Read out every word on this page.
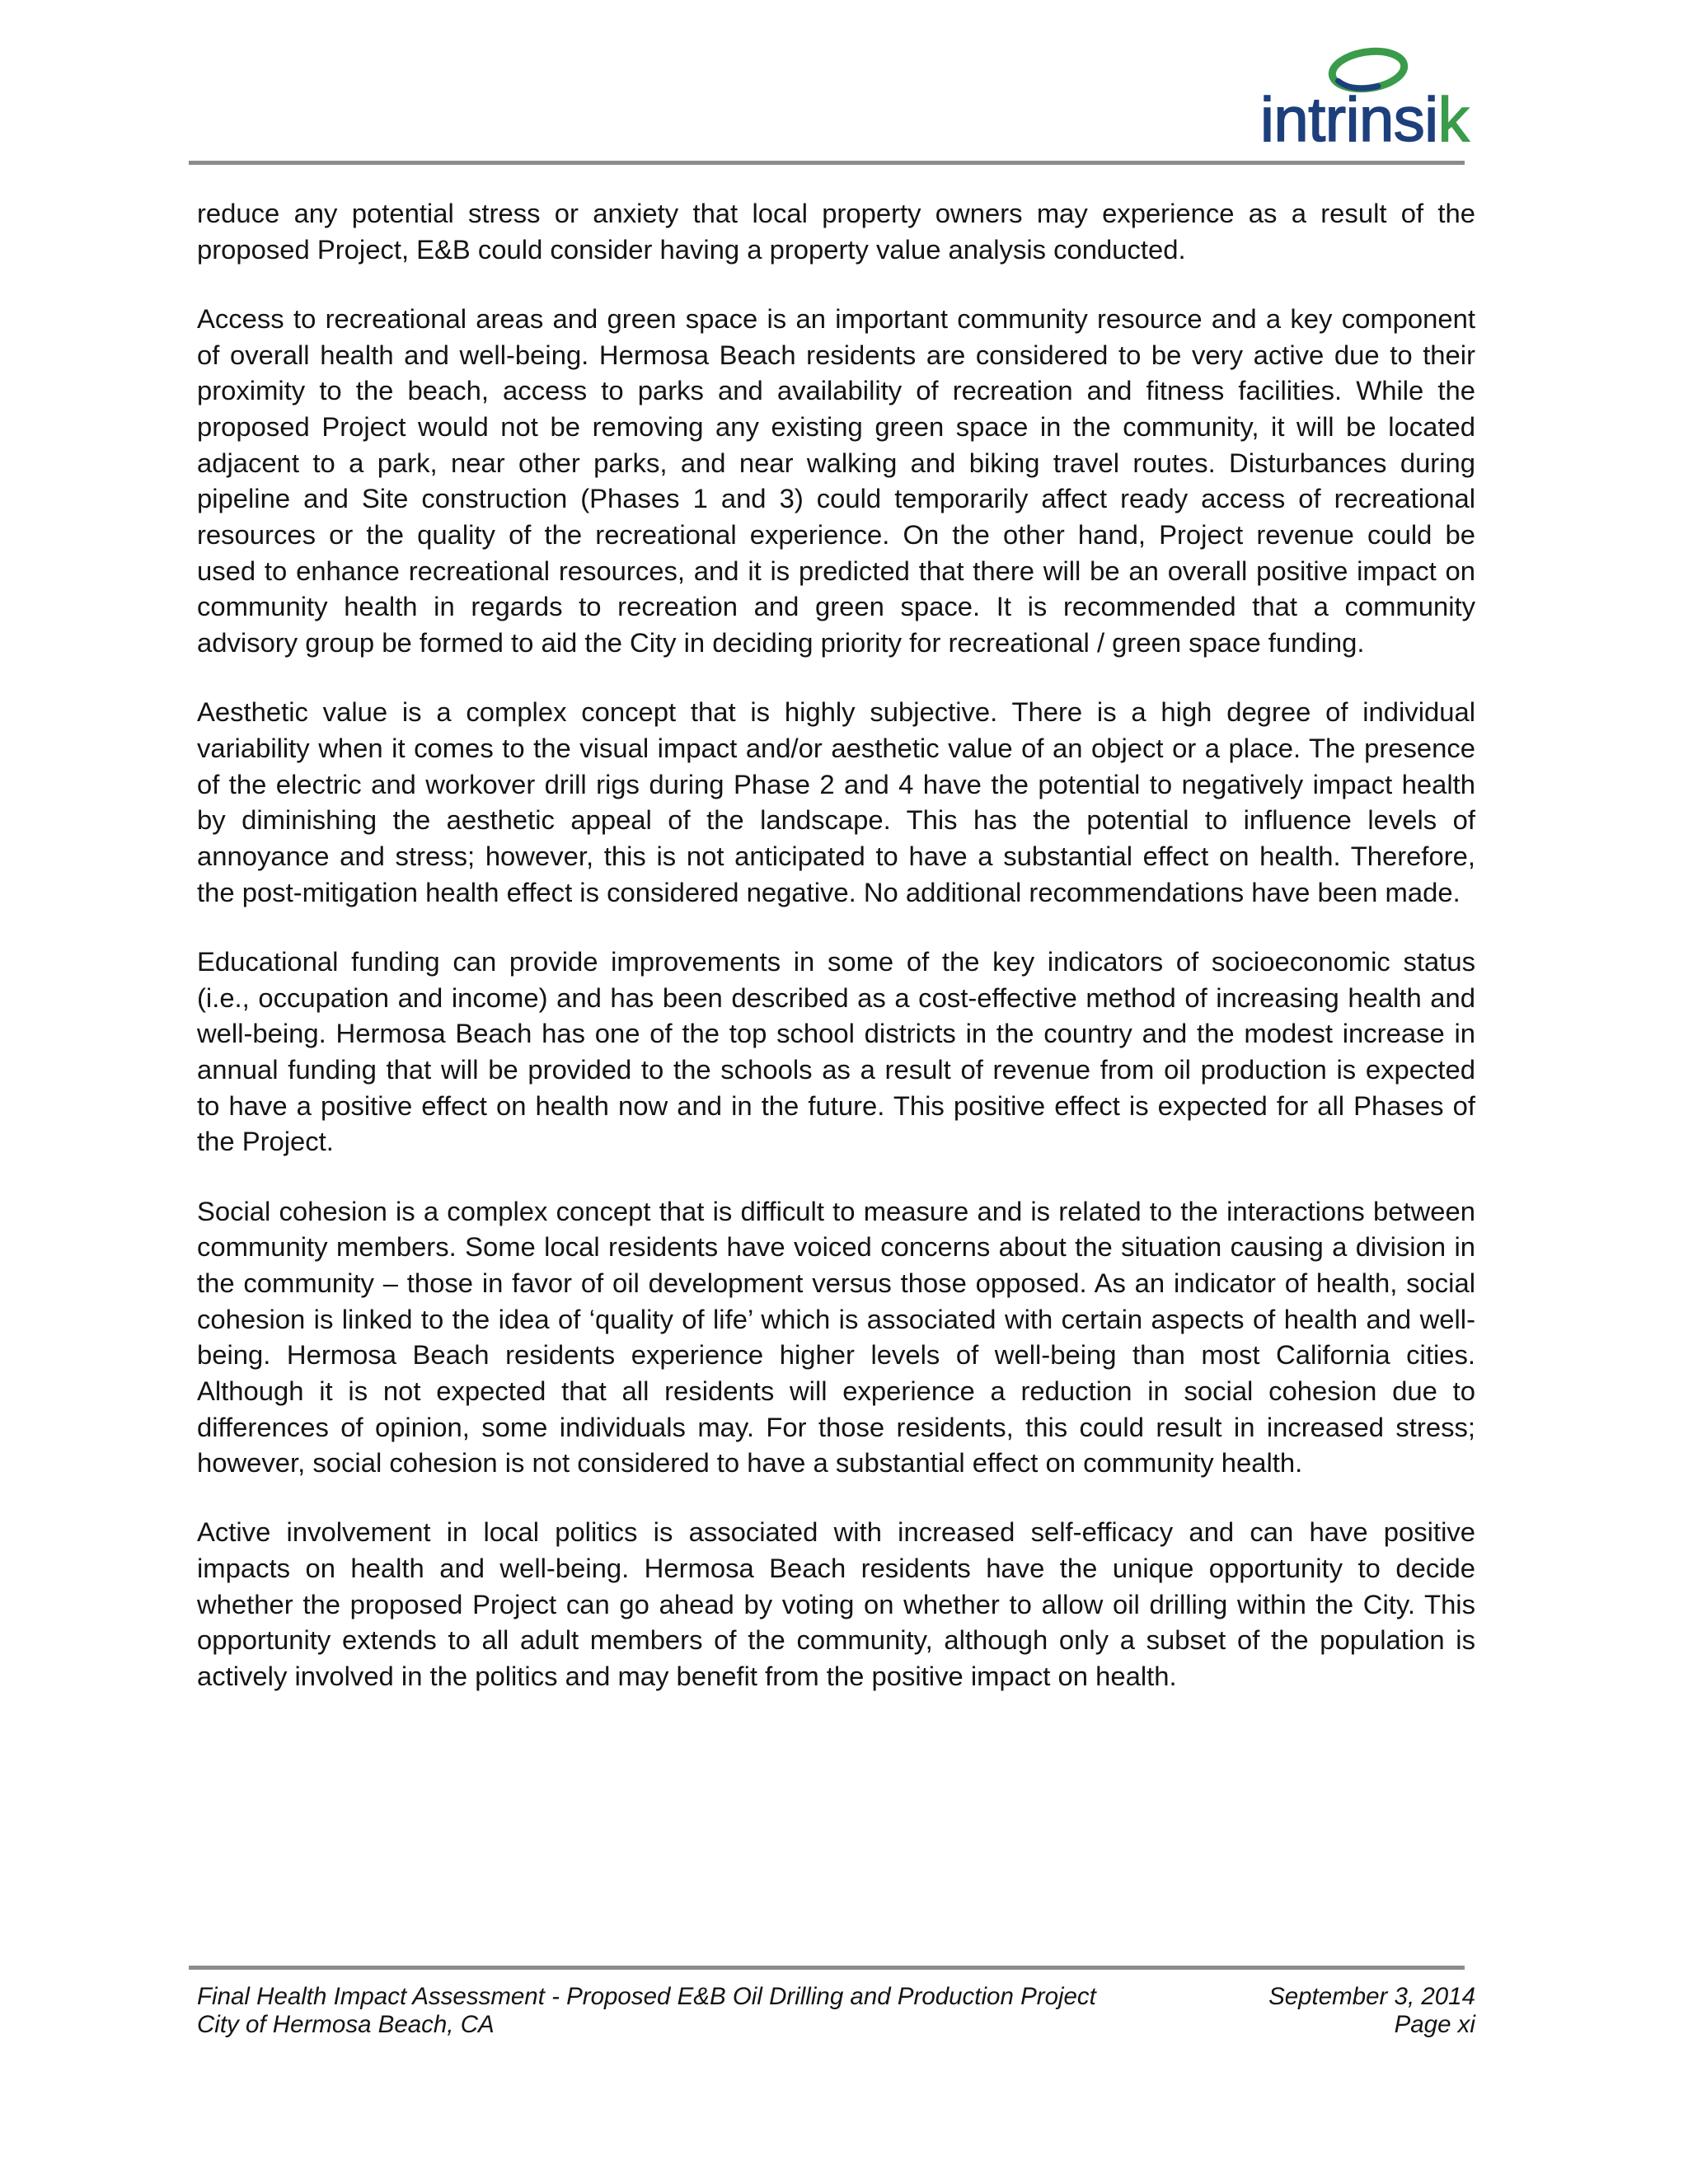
intrinsik
reduce any potential stress or anxiety that local property owners may experience as a result of the
proposed Project, E&B could consider having a property value analysis conducted.
Access to recreational areas and green space is an important community resource and a key component
of overall health and well-being. Hermosa Beach residents are considered to be very active due to their
proximity to the beach, access to parks and availability of recreation and fitness facilities. While the
proposed Project would not be removing any existing green space in the community, it will be located
adjacent to a park, near other parks, and near walking and biking travel routes. Disturbances during
pipeline and Site construction (Phases 1 and 3) could temporarily affect ready access of recreational
resources or the quality of the recreational experience. On the other hand, Project revenue could be
used to enhance recreational resources, and it is predicted that there will be an overall positive impact on
community health in regards to recreation and green space. It is recommended that a community
advisory group be formed to aid the City in deciding priority for recreational / green space funding.
Aesthetic value is a complex concept that is highly subjective. There is a high degree of individual
variability when it comes to the visual impact and/or aesthetic value of an object or a place. The presence
of the electric and workover drill rigs during Phase 2 and 4 have the potential to negatively impact health
by diminishing the aesthetic appeal of the landscape. This has the potential to influence levels of
annoyance and stress; however, this is not anticipated to have a substantial effect on health. Therefore,
the post-mitigation health effect is considered negative. No additional recommendations have been made.
Educational funding can provide improvements in some of the key indicators of socioeconomic status
(i.e., occupation and income) and has been described as a cost-effective method of increasing health and
well-being. Hermosa Beach has one of the top school districts in the country and the modest increase in
annual funding that will be provided to the schools as a result of revenue from oil production is expected
to have a positive effect on health now and in the future. This positive effect is expected for all Phases of
the Project.
Social cohesion is a complex concept that is difficult to measure and is related to the interactions between
community members. Some local residents have voiced concerns about the situation causing a division in
the community – those in favor of oil development versus those opposed. As an indicator of health, social
cohesion is linked to the idea of ‘quality of life’ which is associated with certain aspects of health and well-
being. Hermosa Beach residents experience higher levels of well-being than most California cities.
Although it is not expected that all residents will experience a reduction in social cohesion due to
differences of opinion, some individuals may. For those residents, this could result in increased stress;
however, social cohesion is not considered to have a substantial effect on community health.
Active involvement in local politics is associated with increased self-efficacy and can have positive
impacts on health and well-being. Hermosa Beach residents have the unique opportunity to decide
whether the proposed Project can go ahead by voting on whether to allow oil drilling within the City. This
opportunity extends to all adult members of the community, although only a subset of the population is
actively involved in the politics and may benefit from the positive impact on health.
Final Health Impact Assessment - Proposed E&B Oil Drilling and Production Project	September 3, 2014
City of Hermosa Beach, CA	Page xi
